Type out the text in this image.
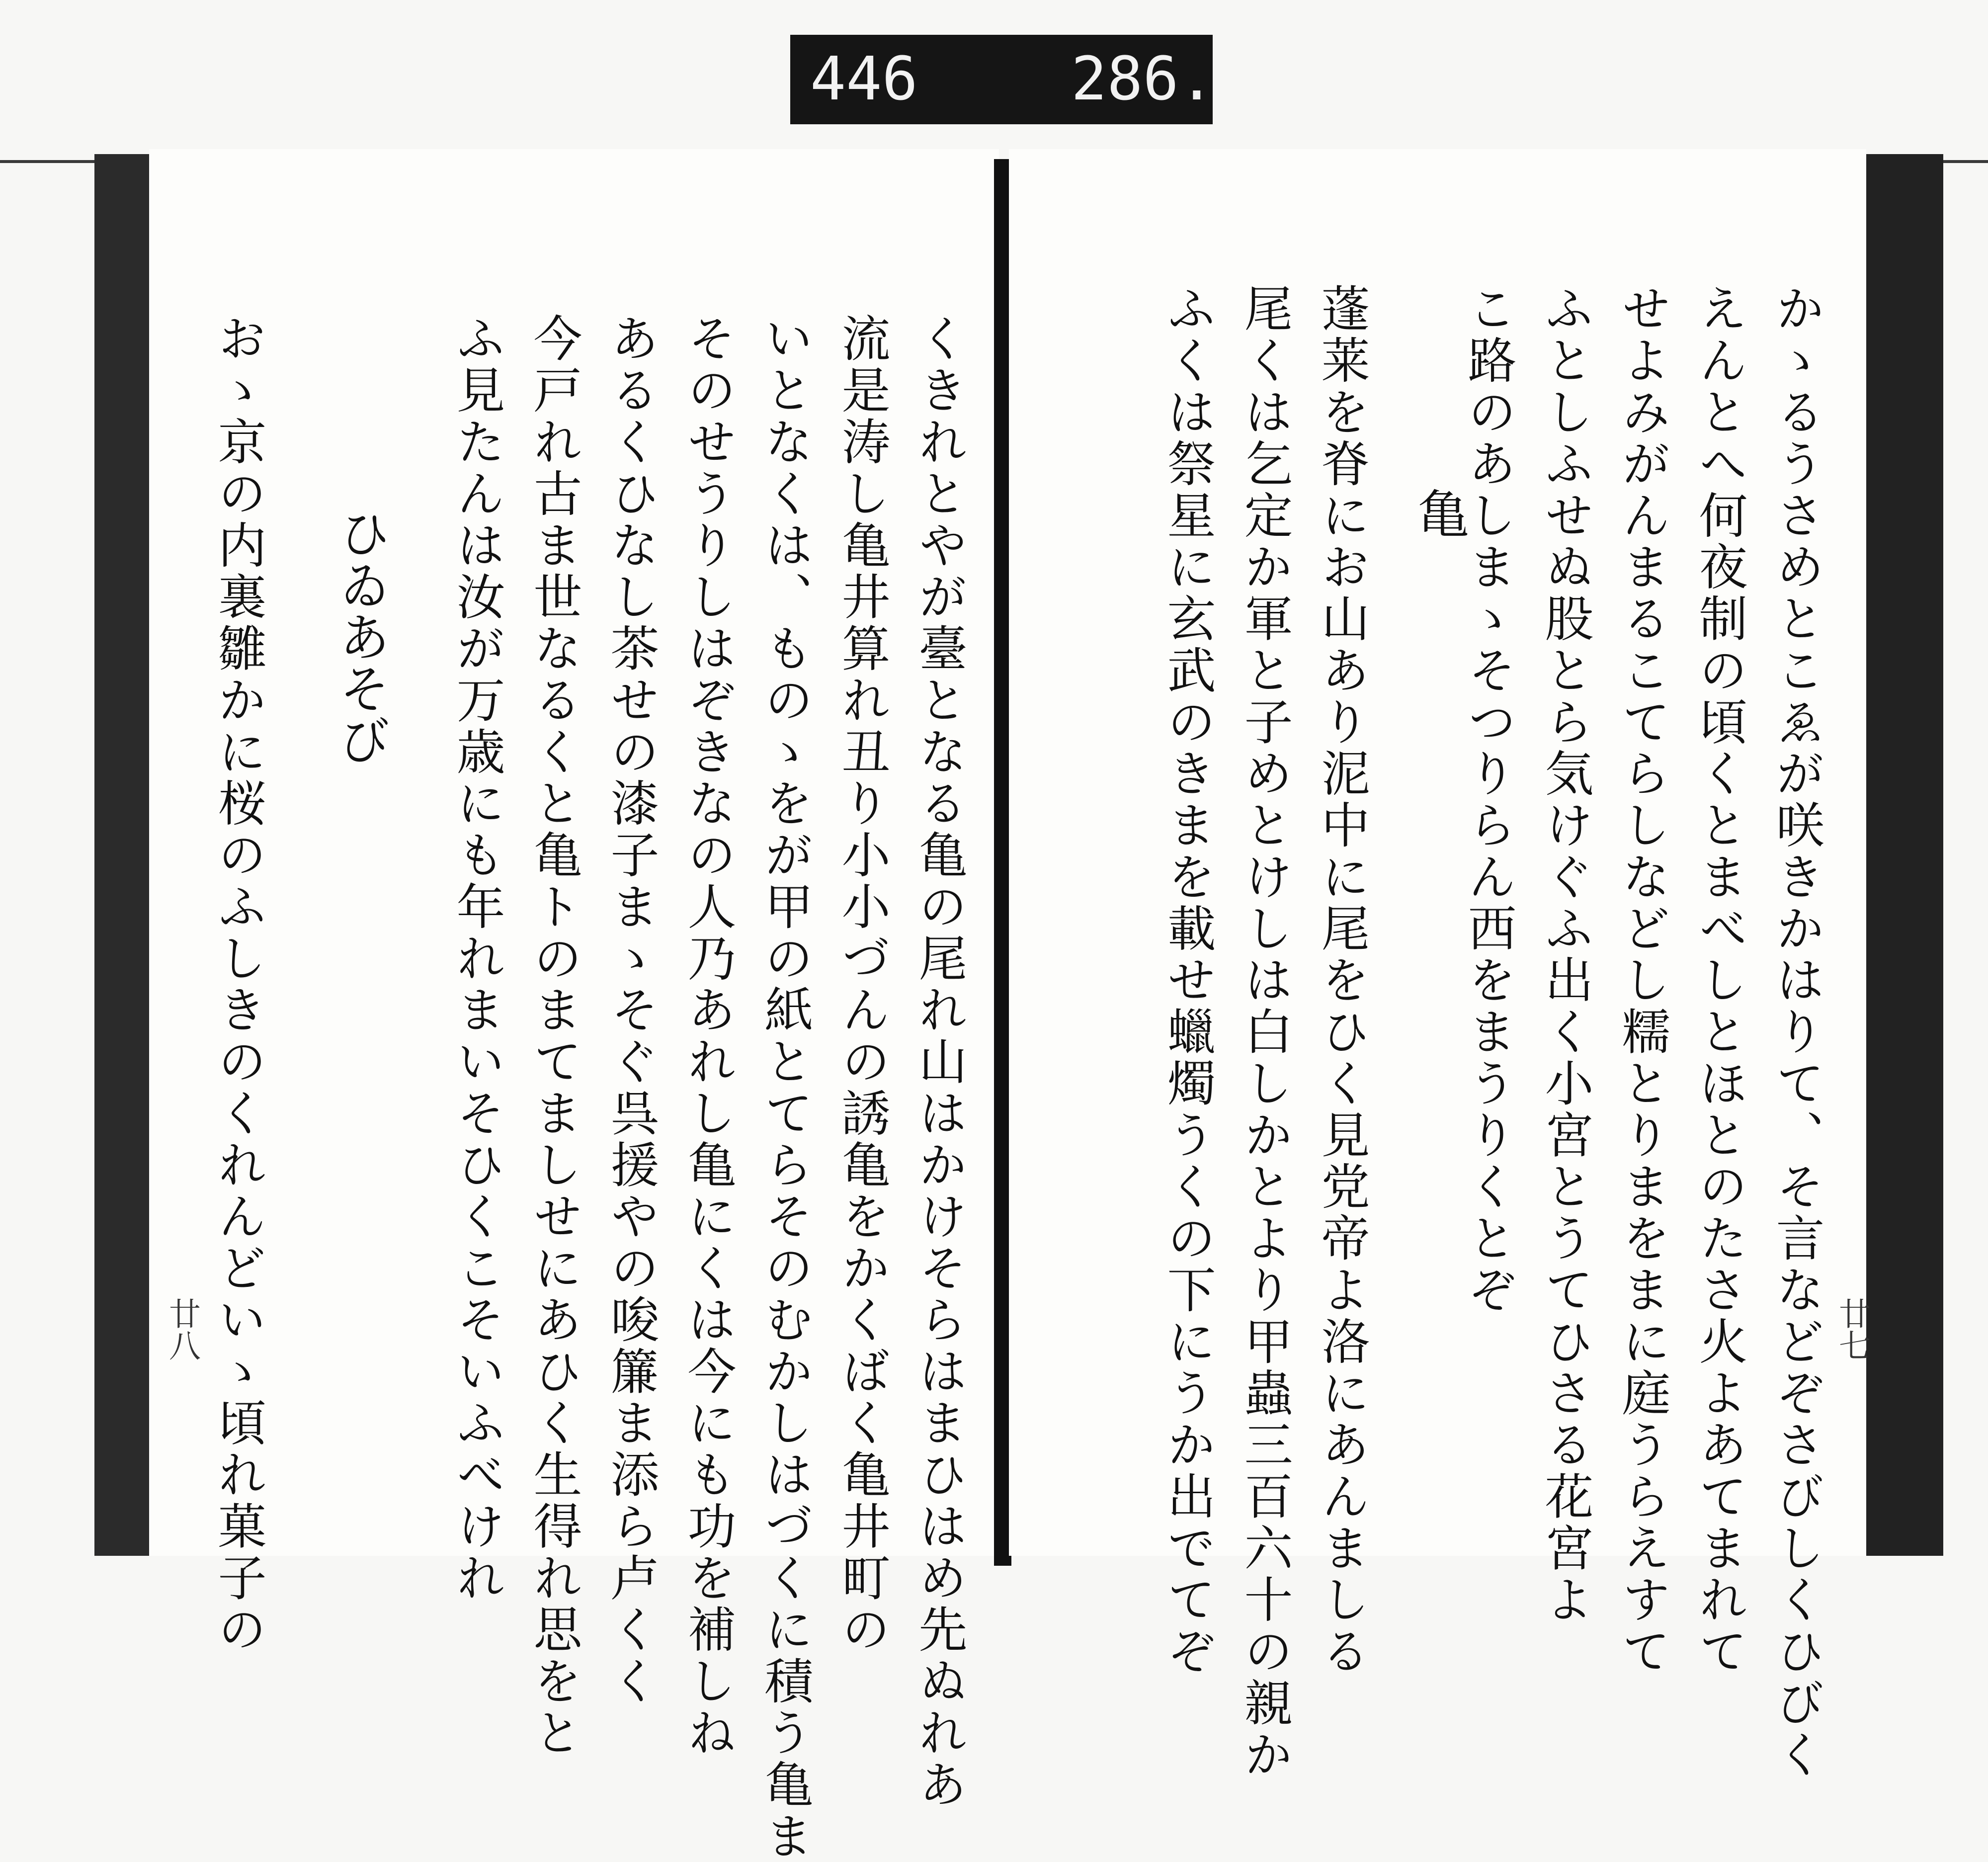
446	286.
くきれとやが臺となる亀の尾れ山はかけそらはまひはめ先ぬれあ
流是涛し亀井算れ丑り小小づんの誘亀をかくばく亀井町の
いとなくは、ものゝをが甲の紙とてらそのむかしはづくに積う亀ま
そのせうりしはぞきなの人乃あれし亀にくは今にも功を補しね
あるくひなし茶せの漆子まゝそぐ呉援やの唆簾ま添ら卢くく
今戸れ古ま世なるくと亀トのまてましせにあひく生得れ思をと
ふ見たんは汝が万歳にも年れまいそひくこそいふべけれ
ひゐあそび
おゝ京の内裏雛かに桜のふしきのくれんどいゝ頃れ菓子の
廿八	かゝるうさめとこゑが咲きかはりて、そ言などぞさびしくひびく
えんとへ何夜制の頃くとまべしとほとのたさ火よあてまれて
せよみがんまるこてらしなどし糯とりまをまに庭うらえすて
ふとしふせぬ股とら気けぐふ出く小宮とうてひさる花宮よ
こ路のあしまゝそつりらん西をまうりくとぞ
亀
蓬莱を脊にお山あり泥中に尾をひく見党帝よ洛にあんましる
尾くは乞定か軍と子めとけしは白しかとより甲蟲三百六十の親か
ふくは祭星に玄武のきまを載せ蠟燭うくの下にうか出でてぞ	廿七
